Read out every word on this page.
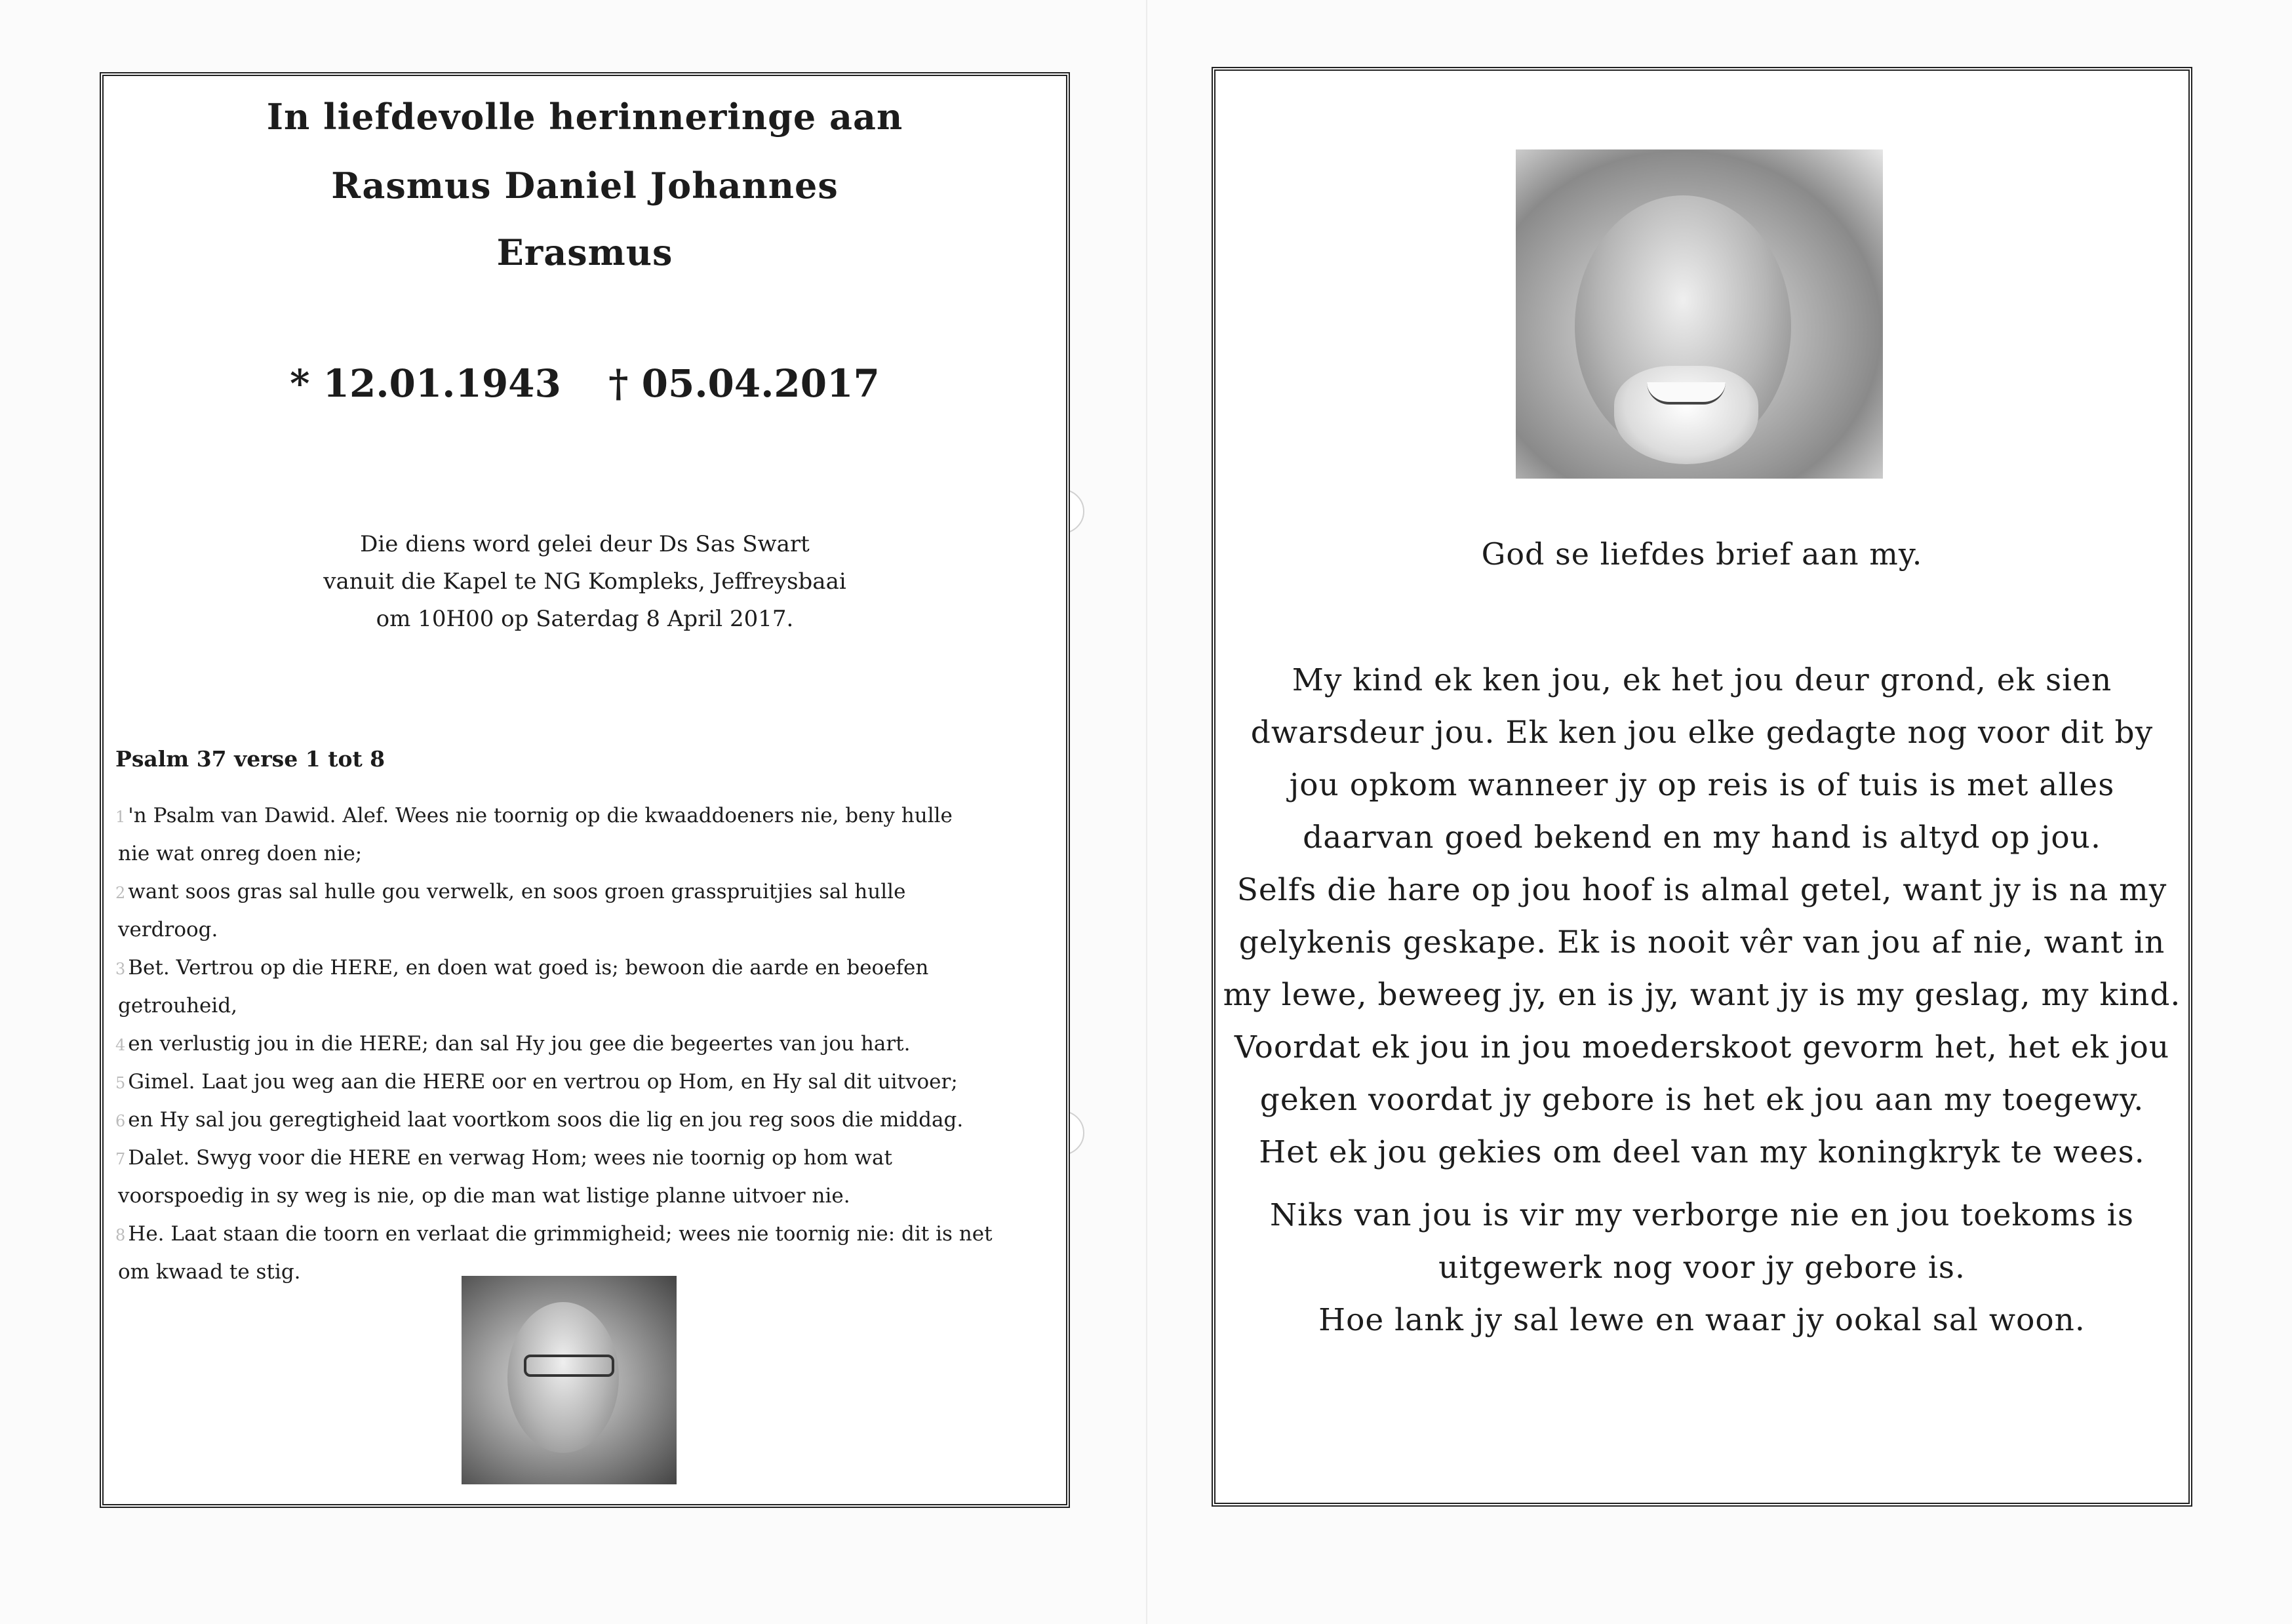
In liefdevolle herinneringe aan
Rasmus Daniel Johannes
Erasmus
* 12.01.1943 † 05.04.2017
Die diens word gelei deur Ds Sas Swart
vanuit die Kapel te NG Kompleks, Jeffreysbaai
om 10H00 op Saterdag 8 April 2017.
Psalm 37 verse 1 tot 8
1 'n Psalm van Dawid. Alef. Wees nie toornig op die kwaaddoeners nie, beny hulle
nie wat onreg doen nie;
2 want soos gras sal hulle gou verwelk, en soos groen grasspruitjies sal hulle
verdroog.
3 Bet. Vertrou op die HERE, en doen wat goed is; bewoon die aarde en beoefen
getrouheid,
4 en verlustig jou in die HERE; dan sal Hy jou gee die begeertes van jou hart.
5 Gimel. Laat jou weg aan die HERE oor en vertrou op Hom, en Hy sal dit uitvoer;
6 en Hy sal jou geregtigheid laat voortkom soos die lig en jou reg soos die middag.
7 Dalet. Swyg voor die HERE en verwag Hom; wees nie toornig op hom wat
voorspoedig in sy weg is nie, op die man wat listige planne uitvoer nie.
8 He. Laat staan die toorn en verlaat die grimmigheid; wees nie toornig nie: dit is net
om kwaad te stig.
God se liefdes brief aan my.
My kind ek ken jou, ek het jou deur grond, ek sien
dwarsdeur jou. Ek ken jou elke gedagte nog voor dit by
jou opkom wanneer jy op reis is of tuis is met alles
daarvan goed bekend en my hand is altyd op jou.
Selfs die hare op jou hoof is almal getel, want jy is na my
gelykenis geskape. Ek is nooit vêr van jou af nie, want in
my lewe, beweeg jy, en is jy, want jy is my geslag, my kind.
Voordat ek jou in jou moederskoot gevorm het, het ek jou
geken voordat jy gebore is het ek jou aan my toegewy.
Het ek jou gekies om deel van my koningkryk te wees.
Niks van jou is vir my verborge nie en jou toekoms is
uitgewerk nog voor jy gebore is.
Hoe lank jy sal lewe en waar jy ookal sal woon.
